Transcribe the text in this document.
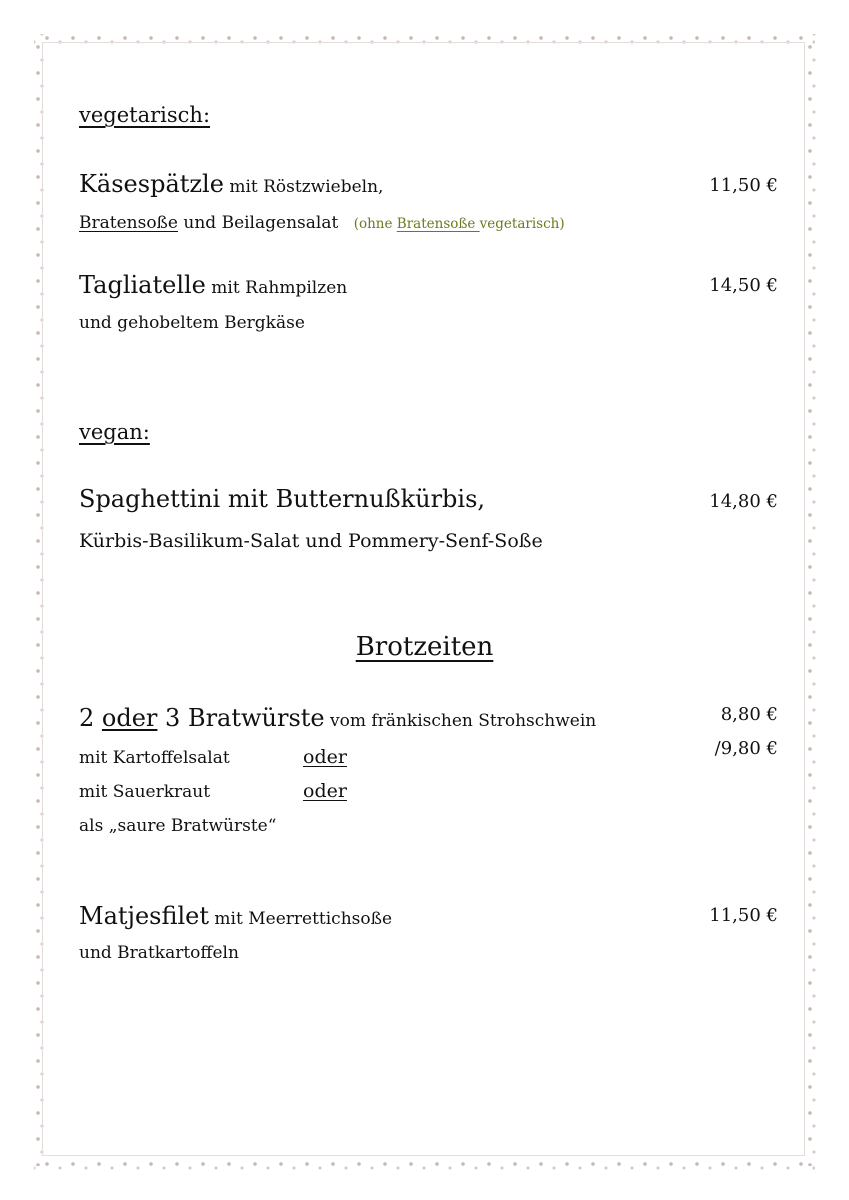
vegetarisch:
Käsespätzle mit Röstzwiebeln,	11,50 €
Bratensoße und Beilagensalat (ohne Bratensoße vegetarisch)
Tagliatelle mit Rahmpilzen	14,50 €
und gehobeltem Bergkäse
vegan:
Spaghettini mit Butternußkürbis,	14,80 €
Kürbis-Basilikum-Salat und Pommery-Senf-Soße
Brotzeiten
2 oder 3 Bratwürste vom fränkischen Strohschwein	8,80 €
/9,80 €
mit Kartoffelsalat	oder
mit Sauerkraut	oder
als „saure Bratwürste“
Matjesfilet mit Meerrettichsoße	11,50 €
und Bratkartoffeln
